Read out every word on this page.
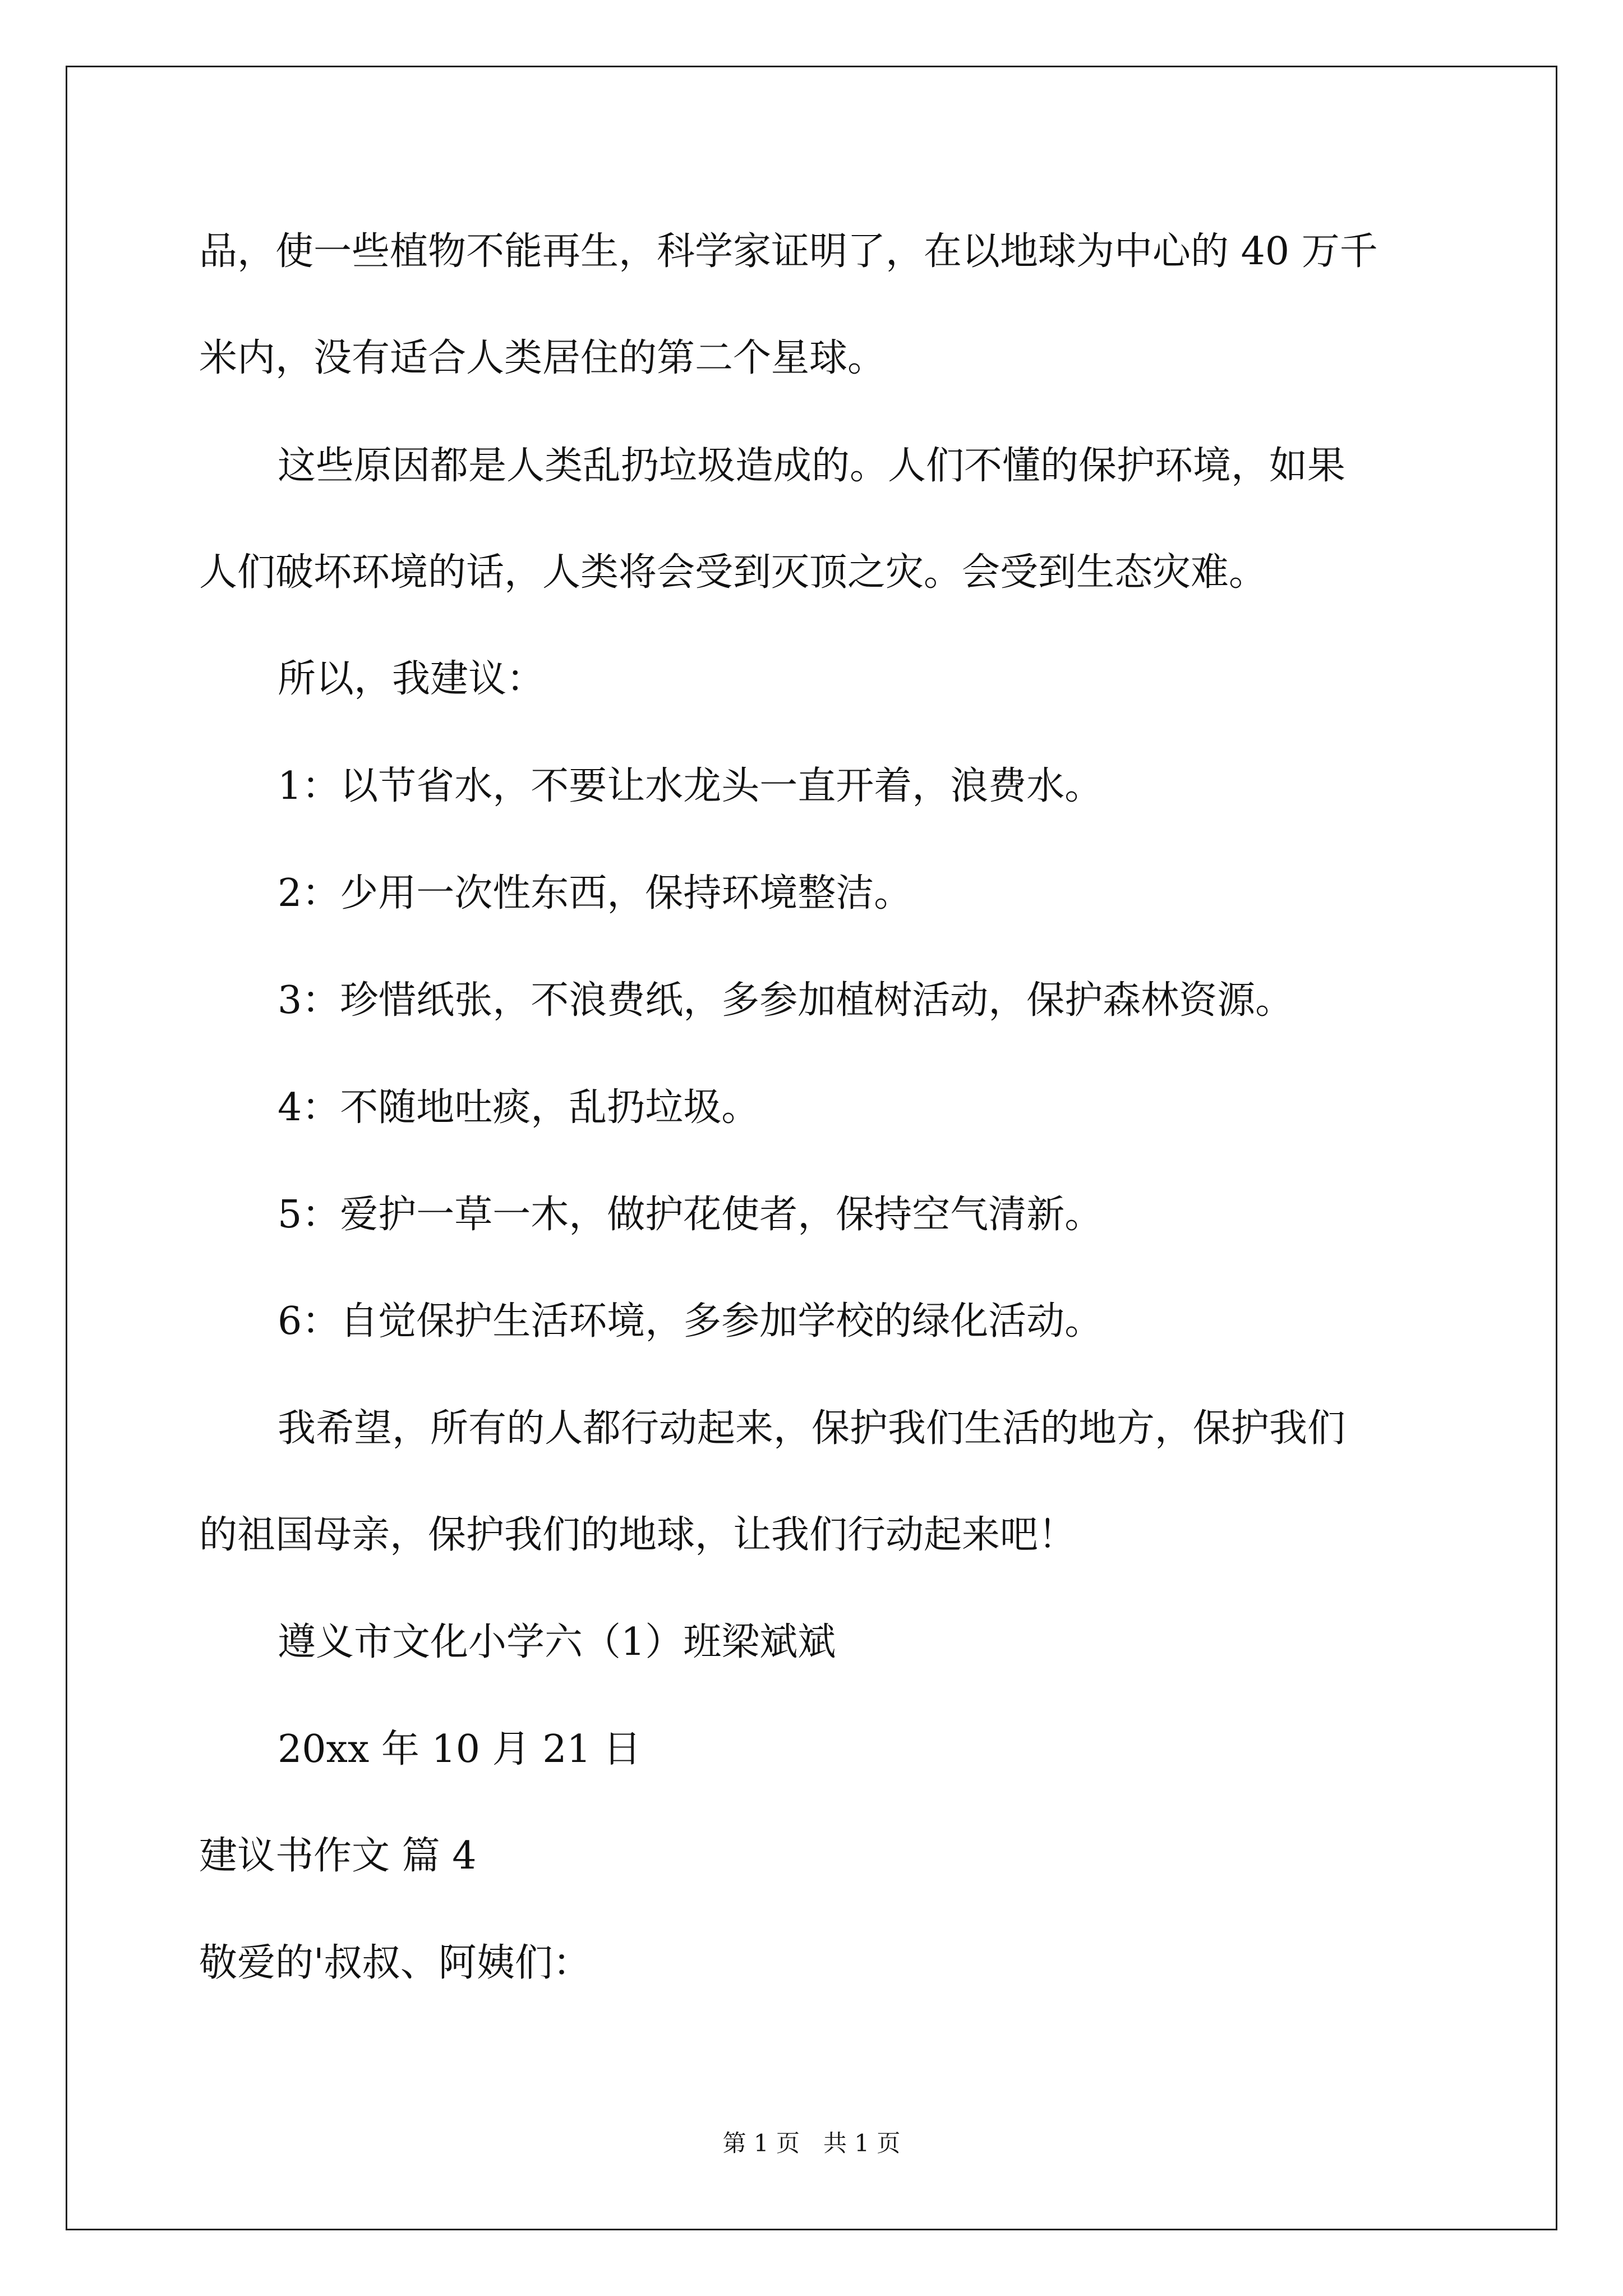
品，使一些植物不能再生，科学家证明了，在以地球为中心的 40 万千
米内，没有适合人类居住的第二个星球。
这些原因都是人类乱扔垃圾造成的。人们不懂的保护环境，如果
人们破坏环境的话，人类将会受到灭顶之灾。会受到生态灾难。
所以，我建议：
1：以节省水，不要让水龙头一直开着，浪费水。
2：少用一次性东西，保持环境整洁。
3：珍惜纸张，不浪费纸，多参加植树活动，保护森林资源。
4：不随地吐痰，乱扔垃圾。
5：爱护一草一木，做护花使者，保持空气清新。
6：自觉保护生活环境，多参加学校的绿化活动。
我希望，所有的人都行动起来，保护我们生活的地方，保护我们
的祖国母亲，保护我们的地球，让我们行动起来吧！
遵义市文化小学六（1）班梁斌斌
20xx 年 10 月 21 日
建议书作文 篇 4
敬爱的'叔叔、阿姨们：
第 1 页　共 1 页
